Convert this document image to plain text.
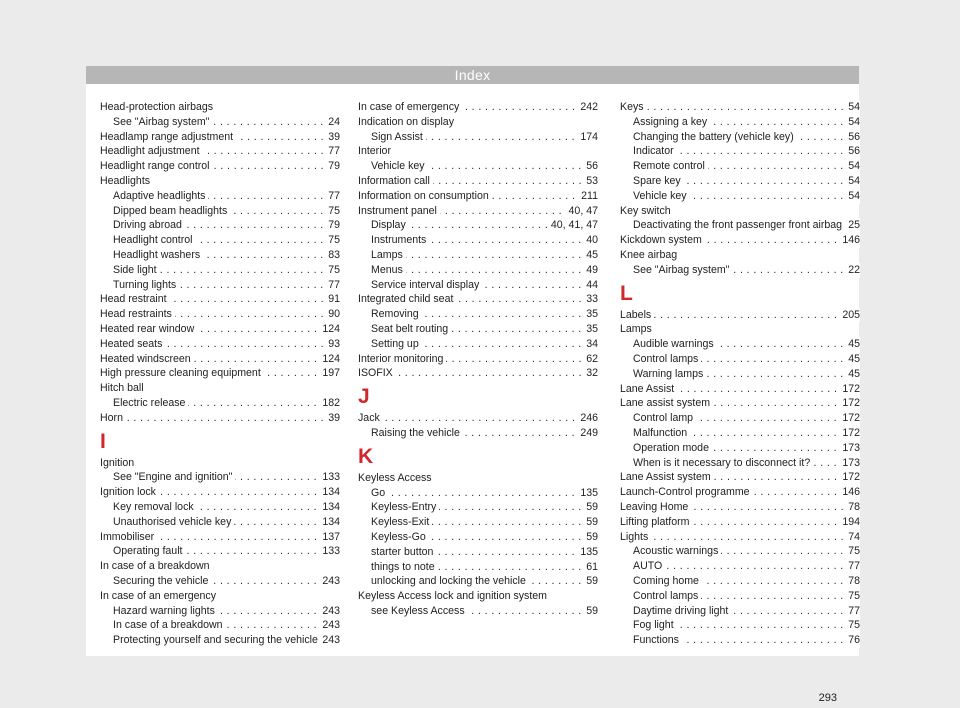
Index
Head-protection airbags
. . . See "Airbag system"	24
. . . Headlamp range adjustment	39
. . . Headlight adjustment	77
. . . Headlight range control	79
Headlights
. . . Adaptive headlights	77
. . . Dipped beam headlights	75
. . . Driving abroad	79
. . . Headlight control	75
. . . Headlight washers	83
. . . Side light	75
. . . Turning lights	77
. . . Head restraint	91
. . . Head restraints	90
. . . Heated rear window	124
. . . Heated seats	93
. . . Heated windscreen	124
. . . High pressure cleaning equipment	197
Hitch ball
. . . Electric release	182
. . . Horn	39
I
Ignition
. . . See "Engine and ignition"	133
. . . Ignition lock	134
. . . Key removal lock	134
. . . Unauthorised vehicle key	134
. . . Immobiliser	137
. . . Operating fault	133
In case of a breakdown
. . . Securing the vehicle	243
In case of an emergency
. . . Hazard warning lights	243
. . . In case of a breakdown	243
. . . Protecting yourself and securing the vehicle 243
. . . In case of emergency	242
Indication on display
. . . Sign Assist	174
Interior
. . . Vehicle key	56
. . . Information call	53
. . . Information on consumption	211
. . . Instrument panel	40, 47
. . . Display	40, 41, 47
. . . Instruments	40
. . . Lamps	45
. . . Menus	49
. . . Service interval display	44
. . . Integrated child seat	33
. . . Removing	35
. . . Seat belt routing	35
. . . Setting up	34
. . . Interior monitoring	62
. . . ISOFIX	32
J
. . . Jack	246
. . . Raising the vehicle	249
K
Keyless Access
. . . Go	135
. . . Keyless-Entry	59
. . . Keyless-Exit	59
. . . Keyless-Go	59
. . . starter button	135
. . . things to note	61
. . . unlocking and locking the vehicle	59
Keyless Access lock and ignition system
. . . see Keyless Access	59
. . . Keys	54
. . . Assigning a key	54
. . . Changing the battery (vehicle key)	56
. . . Indicator	56
. . . Remote control	54
. . . Spare key	54
. . . Vehicle key	54
Key switch
. . . Deactivating the front passenger front airbag 25
. . . Kickdown system	146
Knee airbag
. . . See "Airbag system"	22
L
. . . Labels	205
Lamps
. . . Audible warnings	45
. . . Control lamps	45
. . . Warning lamps	45
. . . Lane Assist	172
. . . Lane assist system	172
. . . Control lamp	172
. . . Malfunction	172
. . . Operation mode	173
. . . When is it necessary to disconnect it?	173
. . . Lane Assist system	172
. . . Launch-Control programme	146
. . . Leaving Home	78
. . . Lifting platform	194
. . . Lights	74
. . . Acoustic warnings	75
. . . AUTO	77
. . . Coming home	78
. . . Control lamps	75
. . . Daytime driving light	77
. . . Fog light	75
. . . Functions	76
293
